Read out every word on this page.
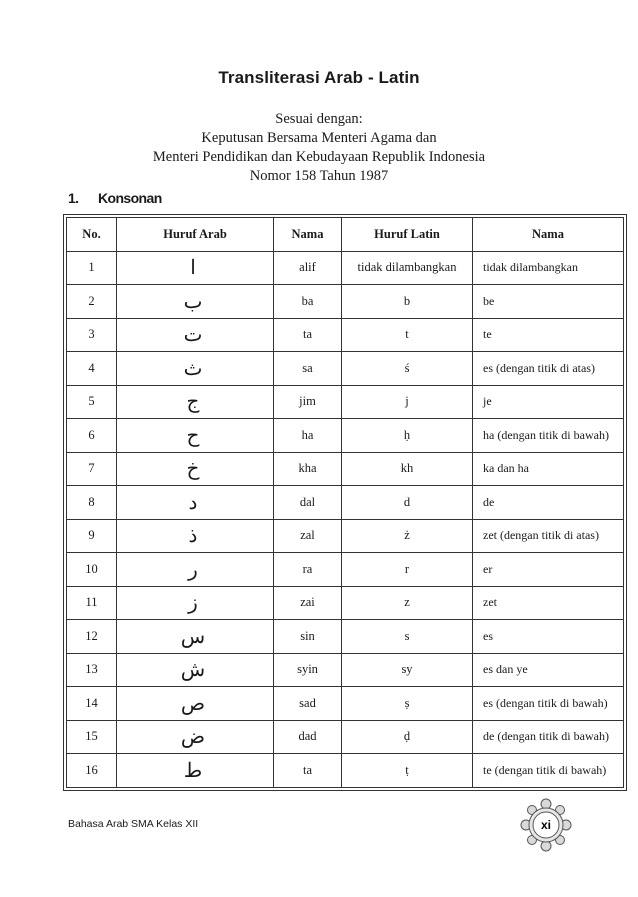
Transliterasi Arab - Latin
Sesuai dengan:
Keputusan Bersama Menteri Agama dan
Menteri Pendidikan dan Kebudayaan Republik Indonesia
Nomor 158 Tahun 1987
1. Konsonan
No.	Huruf Arab	Nama	Huruf Latin	Nama
1	ا	alif	tidak dilambangkan	tidak dilambangkan
2	ب	ba	b	be
3	ت	ta	t	te
4	ث	sa	ś	es (dengan titik di atas)
5	ج	jim	j	je
6	ح	ha	ḥ	ha (dengan titik di bawah)
7	خ	kha	kh	ka dan ha
8	د	dal	d	de
9	ذ	zal	ż	zet (dengan titik di atas)
10	ر	ra	r	er
11	ز	zai	z	zet
12	س	sin	s	es
13	ش	syin	sy	es dan ye
14	ص	sad	ṣ	es (dengan titik di bawah)
15	ض	dad	ḍ	de (dengan titik di bawah)
16	ط	ta	ṭ	te (dengan titik di bawah)
Bahasa Arab SMA Kelas XII	xi
